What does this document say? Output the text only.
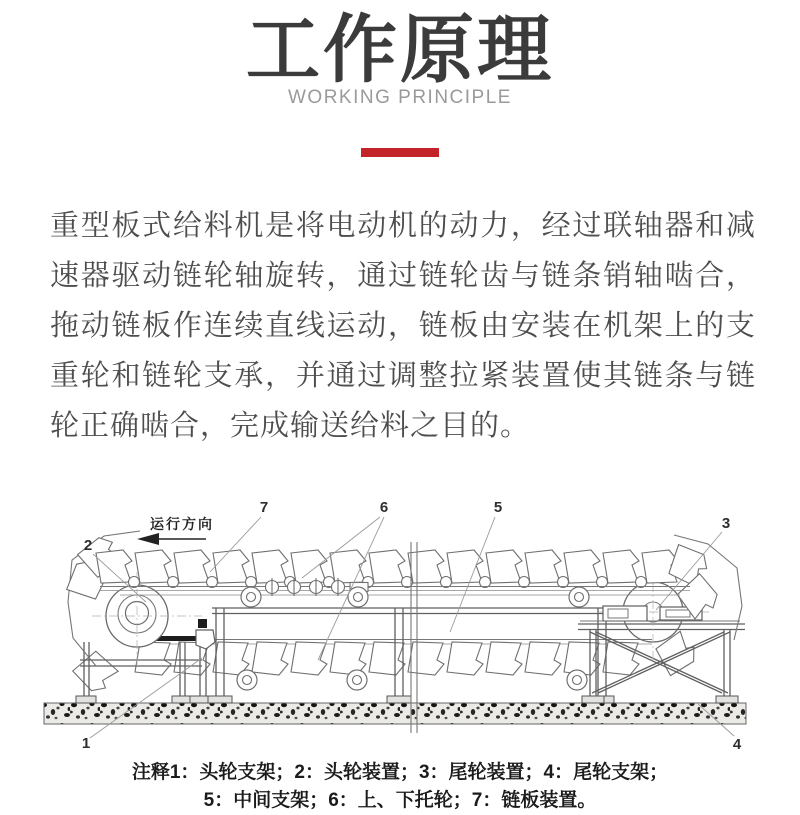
工作原理
WORKING PRINCIPLE

重型板式给料机是将电动机的动力，经过联轴器和减速器驱动链轮轴旋转，通过链轮齿与链条销轴啮合，拖动链板作连续直线运动，链板由安装在机架上的支重轮和链轮支承，并通过调整拉紧装置使其链条与链轮正确啮合，完成输送给料之目的。

运行方向
1
2
3
4
5
6
7
注释1：头轮支架；2：头轮装置；3：尾轮装置；4：尾轮支架；
5：中间支架；6：上、下托轮；7：链板装置。
